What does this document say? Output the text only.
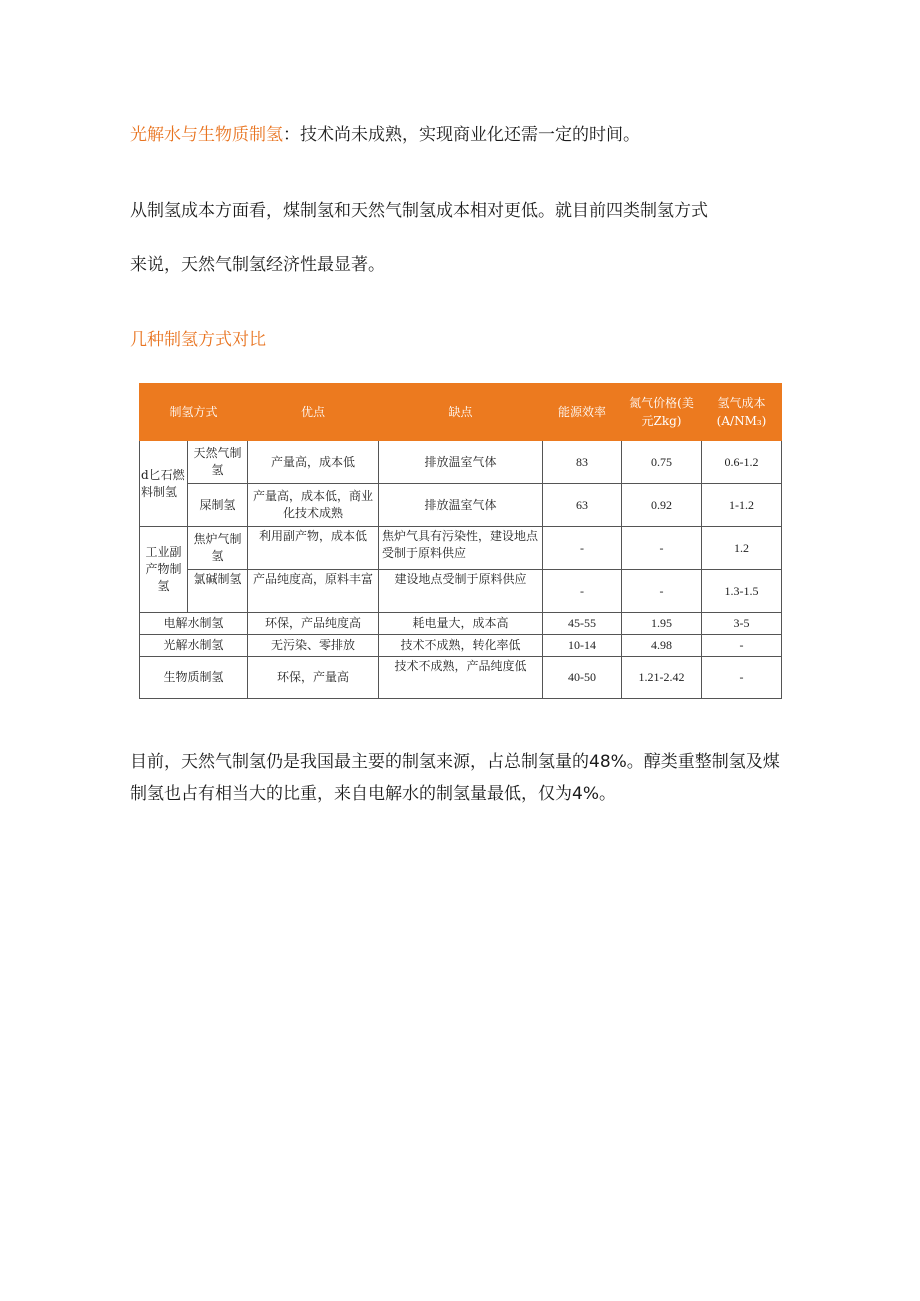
光解水与生物质制氢：技术尚未成熟，实现商业化还需一定的时间。

从制氢成本方面看，煤制氢和天然气制氢成本相对更低。就目前四类制氢方式

来说，天然气制氢经济性最显著。

几种制氢方式对比

制氢方式		优点	缺点	能源效率	氮气价格(美元Zkg)	氢气成本(A/NM₃)
d匕石燃料制氢	天然气制氢	产量高，成本低	排放温室气体	83	0.75	0.6-1.2
	屎制氢	产量高，成本低，商业化技术成熟	排放温室气体	63	0.92	1-1.2
工业副产物制氢	焦炉气制氢	利用副产物，成本低	焦炉气具有污染性，建设地点受制于原料供应	-	-	1.2
	氯碱制氢	产品纯度高，原料丰富	建设地点受制于原料供应	-	-	1.3-1.5
电解水制氢		环保，产品纯度高	耗电量大，成本高	45-55	1.95	3-5
光解水制氢		无污染、零排放	技术不成熟，转化率低	10-14	4.98	-
生物质制氢		环保，产量高	技术不成熟，产品纯度低	40-50	1.21-2.42	-

目前，天然气制氢仍是我国最主要的制氢来源，占总制氢量的48%。醇类重整制氢及煤制氢也占有相当大的比重，来自电解水的制氢量最低，仅为4%。
